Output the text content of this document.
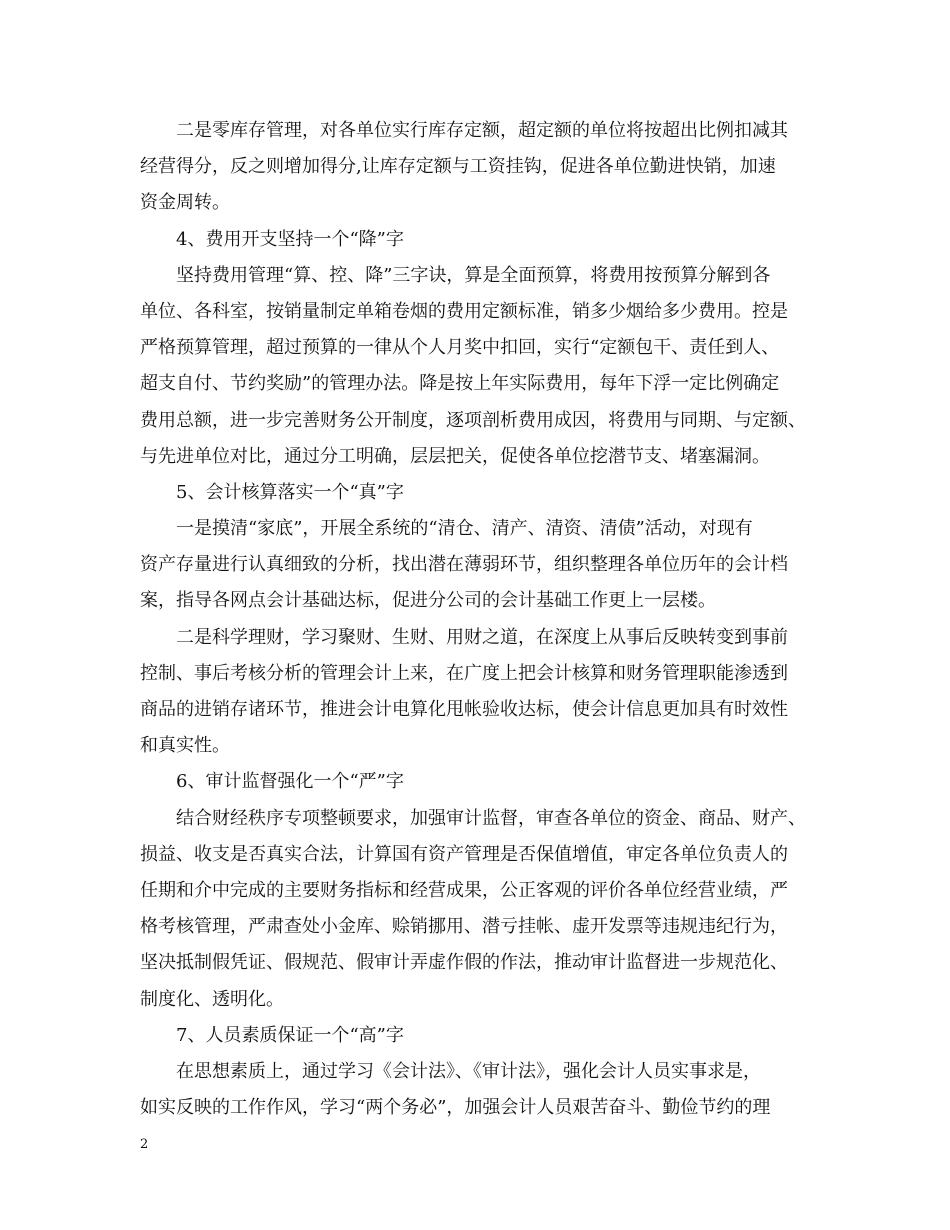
二是零库存管理，对各单位实行库存定额，超定额的单位将按超出比例扣减其
经营得分，反之则增加得分,让库存定额与工资挂钩，促进各单位勤进快销，加速
资金周转。
4、费用开支坚持一个“降”字
坚持费用管理“算、控、降”三字诀，算是全面预算，将费用按预算分解到各
单位、各科室，按销量制定单箱卷烟的费用定额标准，销多少烟给多少费用。控是
严格预算管理，超过预算的一律从个人月奖中扣回，实行“定额包干、责任到人、
超支自付、节约奖励”的管理办法。降是按上年实际费用，每年下浮一定比例确定
费用总额，进一步完善财务公开制度，逐项剖析费用成因，将费用与同期、与定额、
与先进单位对比，通过分工明确，层层把关，促使各单位挖潜节支、堵塞漏洞。
5、会计核算落实一个“真”字
一是摸清“家底”，开展全系统的“清仓、清产、清资、清债”活动，对现有
资产存量进行认真细致的分析，找出潜在薄弱环节，组织整理各单位历年的会计档
案，指导各网点会计基础达标，促进分公司的会计基础工作更上一层楼。
二是科学理财，学习聚财、生财、用财之道，在深度上从事后反映转变到事前
控制、事后考核分析的管理会计上来，在广度上把会计核算和财务管理职能渗透到
商品的进销存诸环节，推进会计电算化甩帐验收达标，使会计信息更加具有时效性
和真实性。
6、审计监督强化一个“严”字
结合财经秩序专项整顿要求，加强审计监督，审查各单位的资金、商品、财产、
损益、收支是否真实合法，计算国有资产管理是否保值增值，审定各单位负责人的
任期和介中完成的主要财务指标和经营成果，公正客观的评价各单位经营业绩，严
格考核管理，严肃查处小金库、赊销挪用、潜亏挂帐、虚开发票等违规违纪行为，
坚决抵制假凭证、假规范、假审计弄虚作假的作法，推动审计监督进一步规范化、
制度化、透明化。
7、人员素质保证一个“高”字
在思想素质上，通过学习《会计法》、《审计法》，强化会计人员实事求是，
如实反映的工作作风，学习“两个务必”，加强会计人员艰苦奋斗、勤俭节约的理
2
